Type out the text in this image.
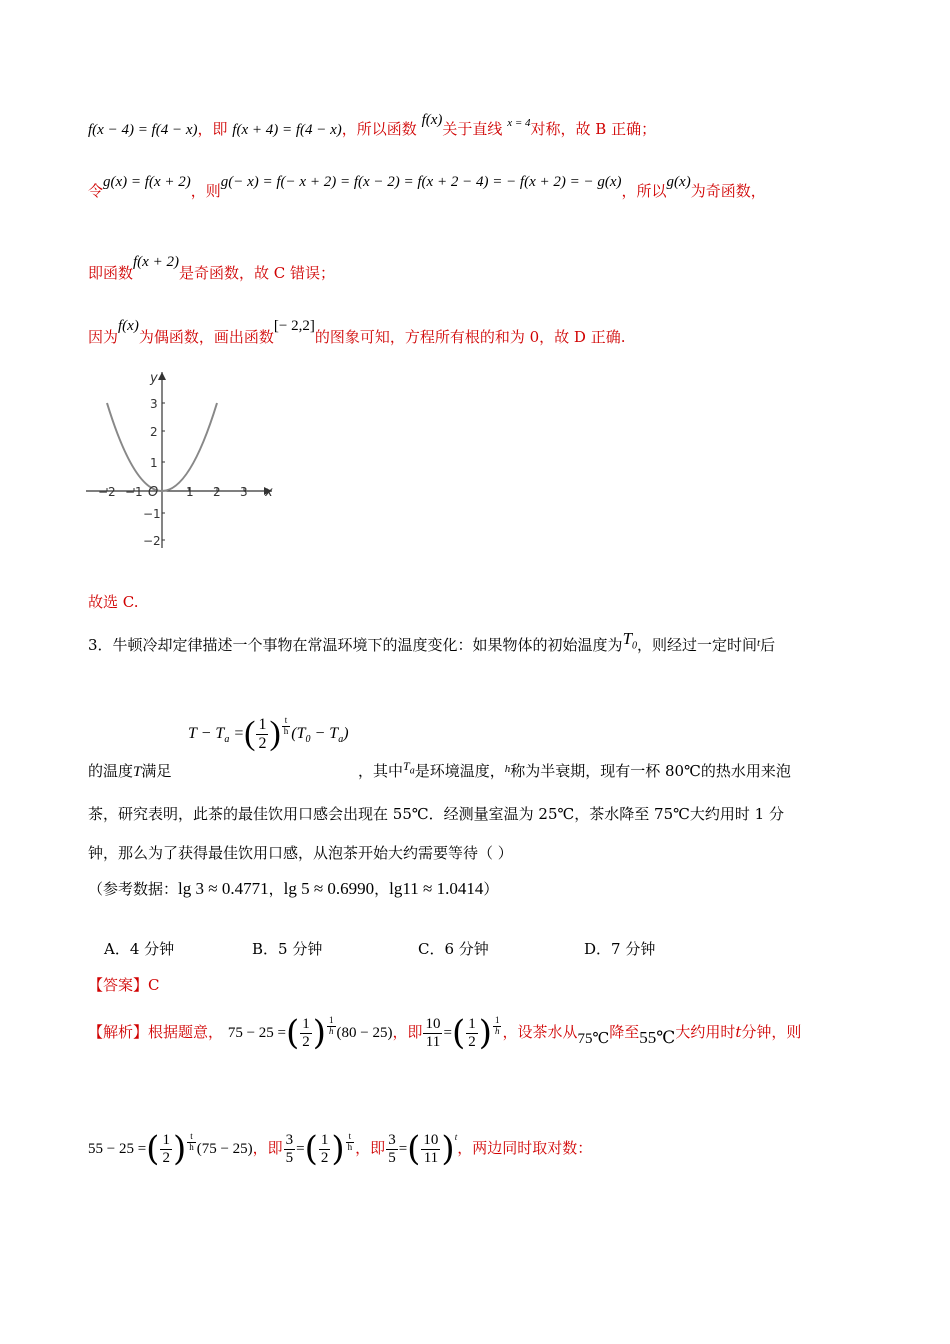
f(x − 4) = f(4 − x)，即 f(x + 4) = f(4 − x)，所以函数 f(x)关于直线 $^{x = 4}$对称，故 B 正确；
令g(x) = f(x + 2)，则g(− x) = f(− x + 2) = f(x − 2) = f(x + 2 − 4) = − f(x + 2) = − g(x)，所以g(x)为奇函数，
即函数f(x + 2)是奇函数，故 C 错误；
因为f(x)为偶函数，画出函数[− 2,2]的图象可知，方程所有根的和为 0，故 D 正确.
x
y
O
−2 −1	1 2 3
3
2
1
−1
−2
故选 C.
3．牛顿冷却定律描述一个事物在常温环境下的温度变化：如果物体的初始温度为$T_0$，则经过一定时间$^t$后
的温度T满足
$T - T_a$ =( $\frac{1}{2}$ ) $\frac{t}{h} (T_0 - T_a)$
，其中$^{T_a}$是环境温度，$^h$称为半衰期，现有一杯 80℃的热水用来泡
茶，研究表明，此茶的最佳饮用口感会出现在 55℃．经测量室温为 25℃，茶水降至 75℃大约用时 1 分
钟，那么为了获得最佳饮用口感，从泡茶开始大约需要等待（ ）
（参考数据：lg 3 ≈ 0.4771，lg 5 ≈ 0.6990，lg11 ≈ 1.0414）
A．4 分钟	B．5 分钟	C．6 分钟	D．7 分钟
【答案】C
【解析】根据题意， 75 − 25 =( $\frac{1}{2}$ ) $\frac{1}{h} (80 - 25)$，即 $\frac{10}{11}$ =( $\frac{1}{2}$ ) $\frac{1}{h}$ ，设茶水从75℃降至55℃大约用时t分钟，则
55 − 25 =( $\frac{1}{2}$ ) $\frac{t}{h} (75 - 25)$，即 $\frac{3}{5}$ =( $\frac{1}{2}$ ) $\frac{t}{h}$ ，即 $\frac{3}{5}$ =( $\frac{10}{11} )^t$，两边同时取对数：
